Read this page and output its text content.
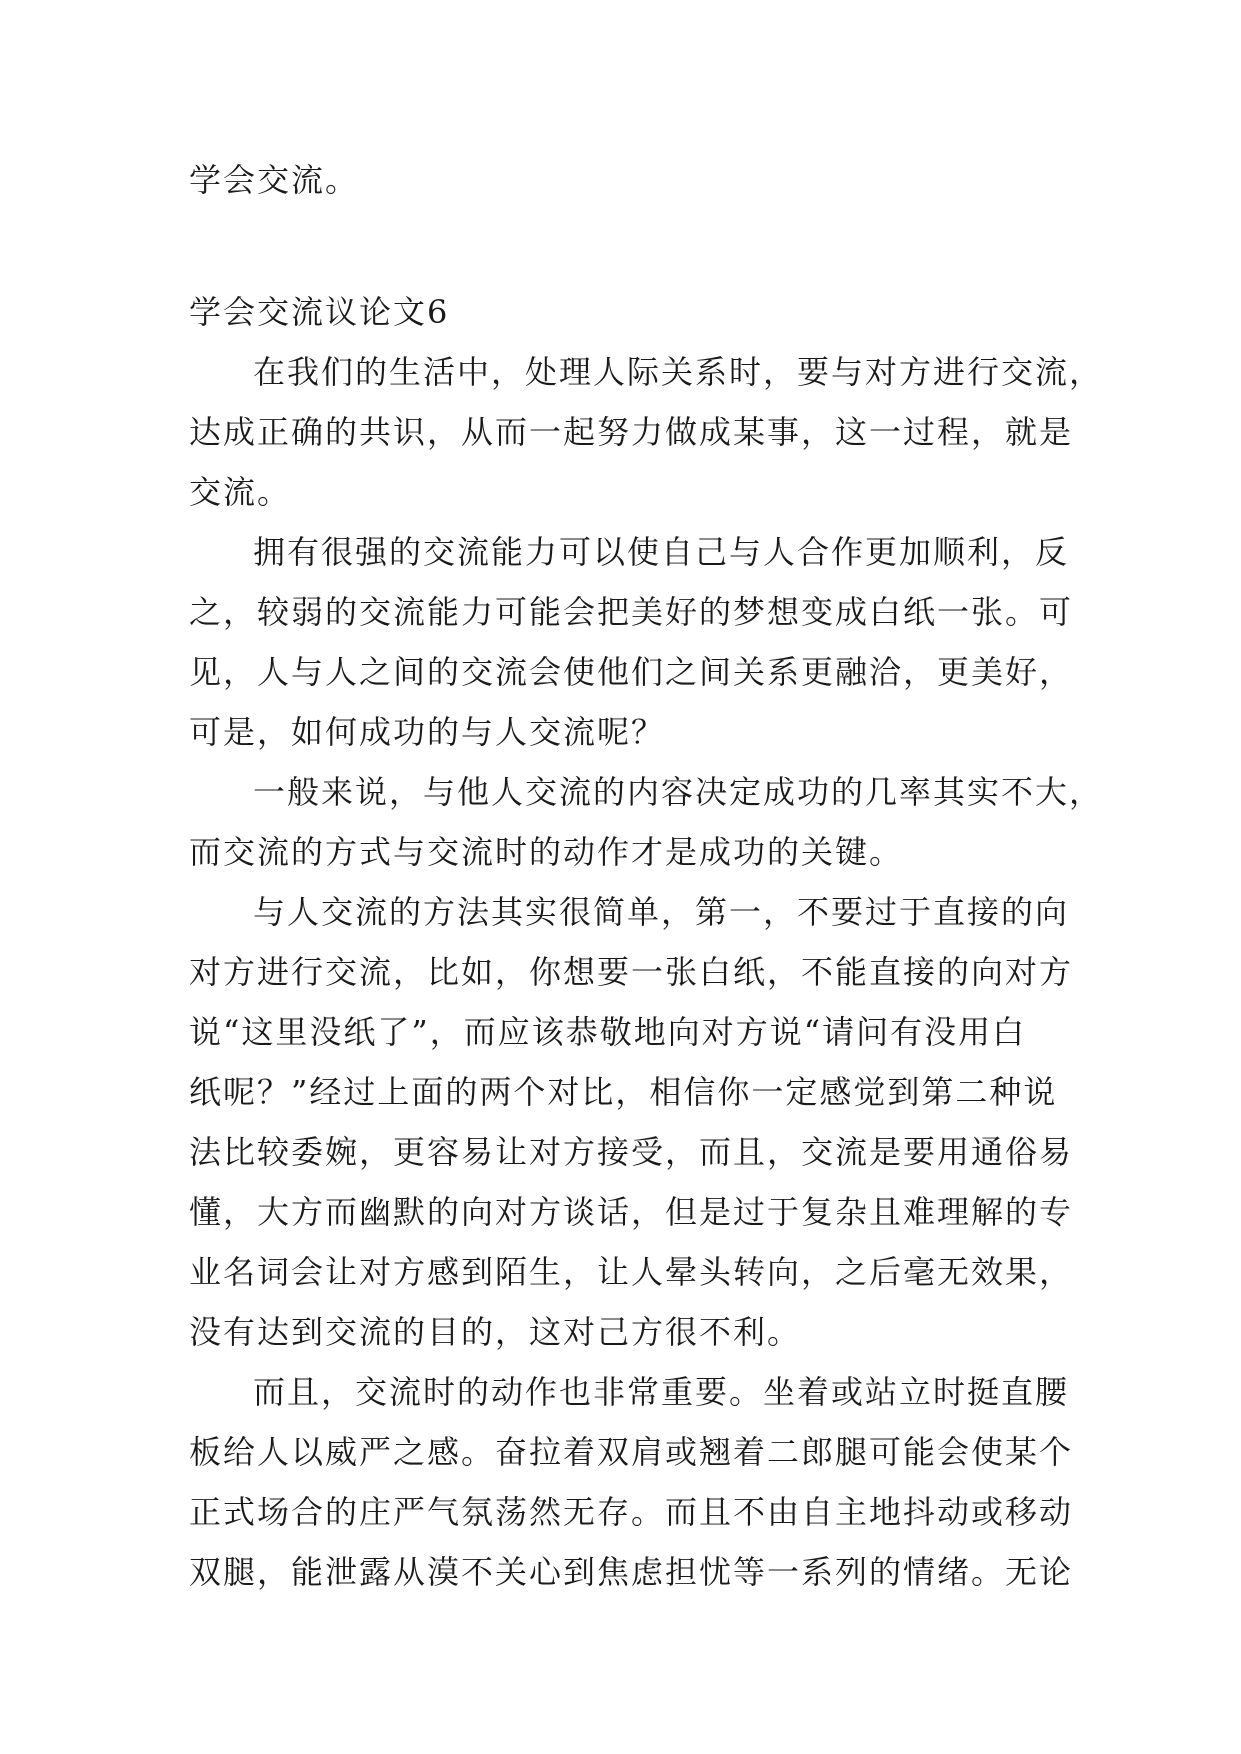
学会交流。

学会交流议论文6

在我们的生活中，处理人际关系时，要与对方进行交流，

达成正确的共识，从而一起努力做成某事，这一过程，就是

交流。

拥有很强的交流能力可以使自己与人合作更加顺利，反

之，较弱的交流能力可能会把美好的梦想变成白纸一张。可

见，人与人之间的交流会使他们之间关系更融洽，更美好，

可是，如何成功的与人交流呢？

一般来说，与他人交流的内容决定成功的几率其实不大，

而交流的方式与交流时的动作才是成功的关键。

与人交流的方法其实很简单，第一，不要过于直接的向

对方进行交流，比如，你想要一张白纸，不能直接的向对方

说“这里没纸了”，而应该恭敬地向对方说“请问有没用白

纸呢？”经过上面的两个对比，相信你一定感觉到第二种说

法比较委婉，更容易让对方接受，而且，交流是要用通俗易

懂，大方而幽默的向对方谈话，但是过于复杂且难理解的专

业名词会让对方感到陌生，让人晕头转向，之后毫无效果，

没有达到交流的目的，这对己方很不利。

而且，交流时的动作也非常重要。坐着或站立时挺直腰

板给人以威严之感。奋拉着双肩或翘着二郎腿可能会使某个

正式场合的庄严气氛荡然无存。而且不由自主地抖动或移动

双腿，能泄露从漠不关心到焦虑担忧等一系列的情绪。无论
